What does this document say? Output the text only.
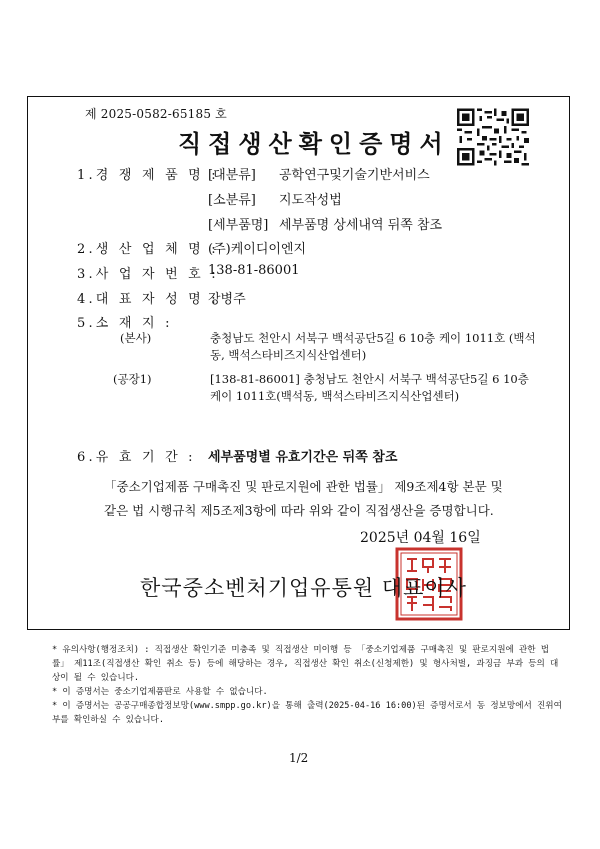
제 2025-0582-65185 호
직접생산확인증명서
1.경 쟁 제 품 명 :
[대분류] 공학연구및기술기반서비스
[소분류] 지도작성법
[세부품명] 세부품명 상세내역 뒤쪽 참조
2.생 산 업 체 명 :
(주)케이디이엔지
3.사 업 자 번 호 :
138-81-86001
4.대 표 자 성 명 :
강병주
5.소 재 지 :
(본사)	충청남도 천안시 서북구 백석공단5길 6 10층 케이 1011호 (백석
동, 백석스타비즈지식산업센터)
(공장1)	[138-81-86001] 충청남도 천안시 서북구 백석공단5길 6 10층
케이 1011호(백석동, 백석스타비즈지식산업센터)
6.유 효 기 간 : 세부품명별 유효기간은 뒤쪽 참조
「중소기업제품 구매촉진 및 판로지원에 관한 법률」 제9조제4항 본문 및
같은 법 시행규칙 제5조제3항에 따라 위와 같이 직접생산을 증명합니다.
2025년 04월 16일
한국중소벤처기업유통원 대표이사
* 유의사항(행정조치) : 직접생산 확인기준 미충족 및 직접생산 미이행 등 「중소기업제품 구매촉진 및 판로지원에 관한 법률」 제11조(직접생산 확인 취소 등) 등에 해당하는 경우, 직접생산 확인 취소(신청제한) 및 형사처벌, 과징금 부과 등의 대상이 될 수 있습니다.
* 이 증명서는 중소기업제품판로 사용할 수 없습니다.
* 이 증명서는 공공구매종합정보망(www.smpp.go.kr)을 통해 출력(2025-04-16 16:00)된 증명서로서 동 정보망에서 진위여부를 확인하실 수 있습니다.
1/2
